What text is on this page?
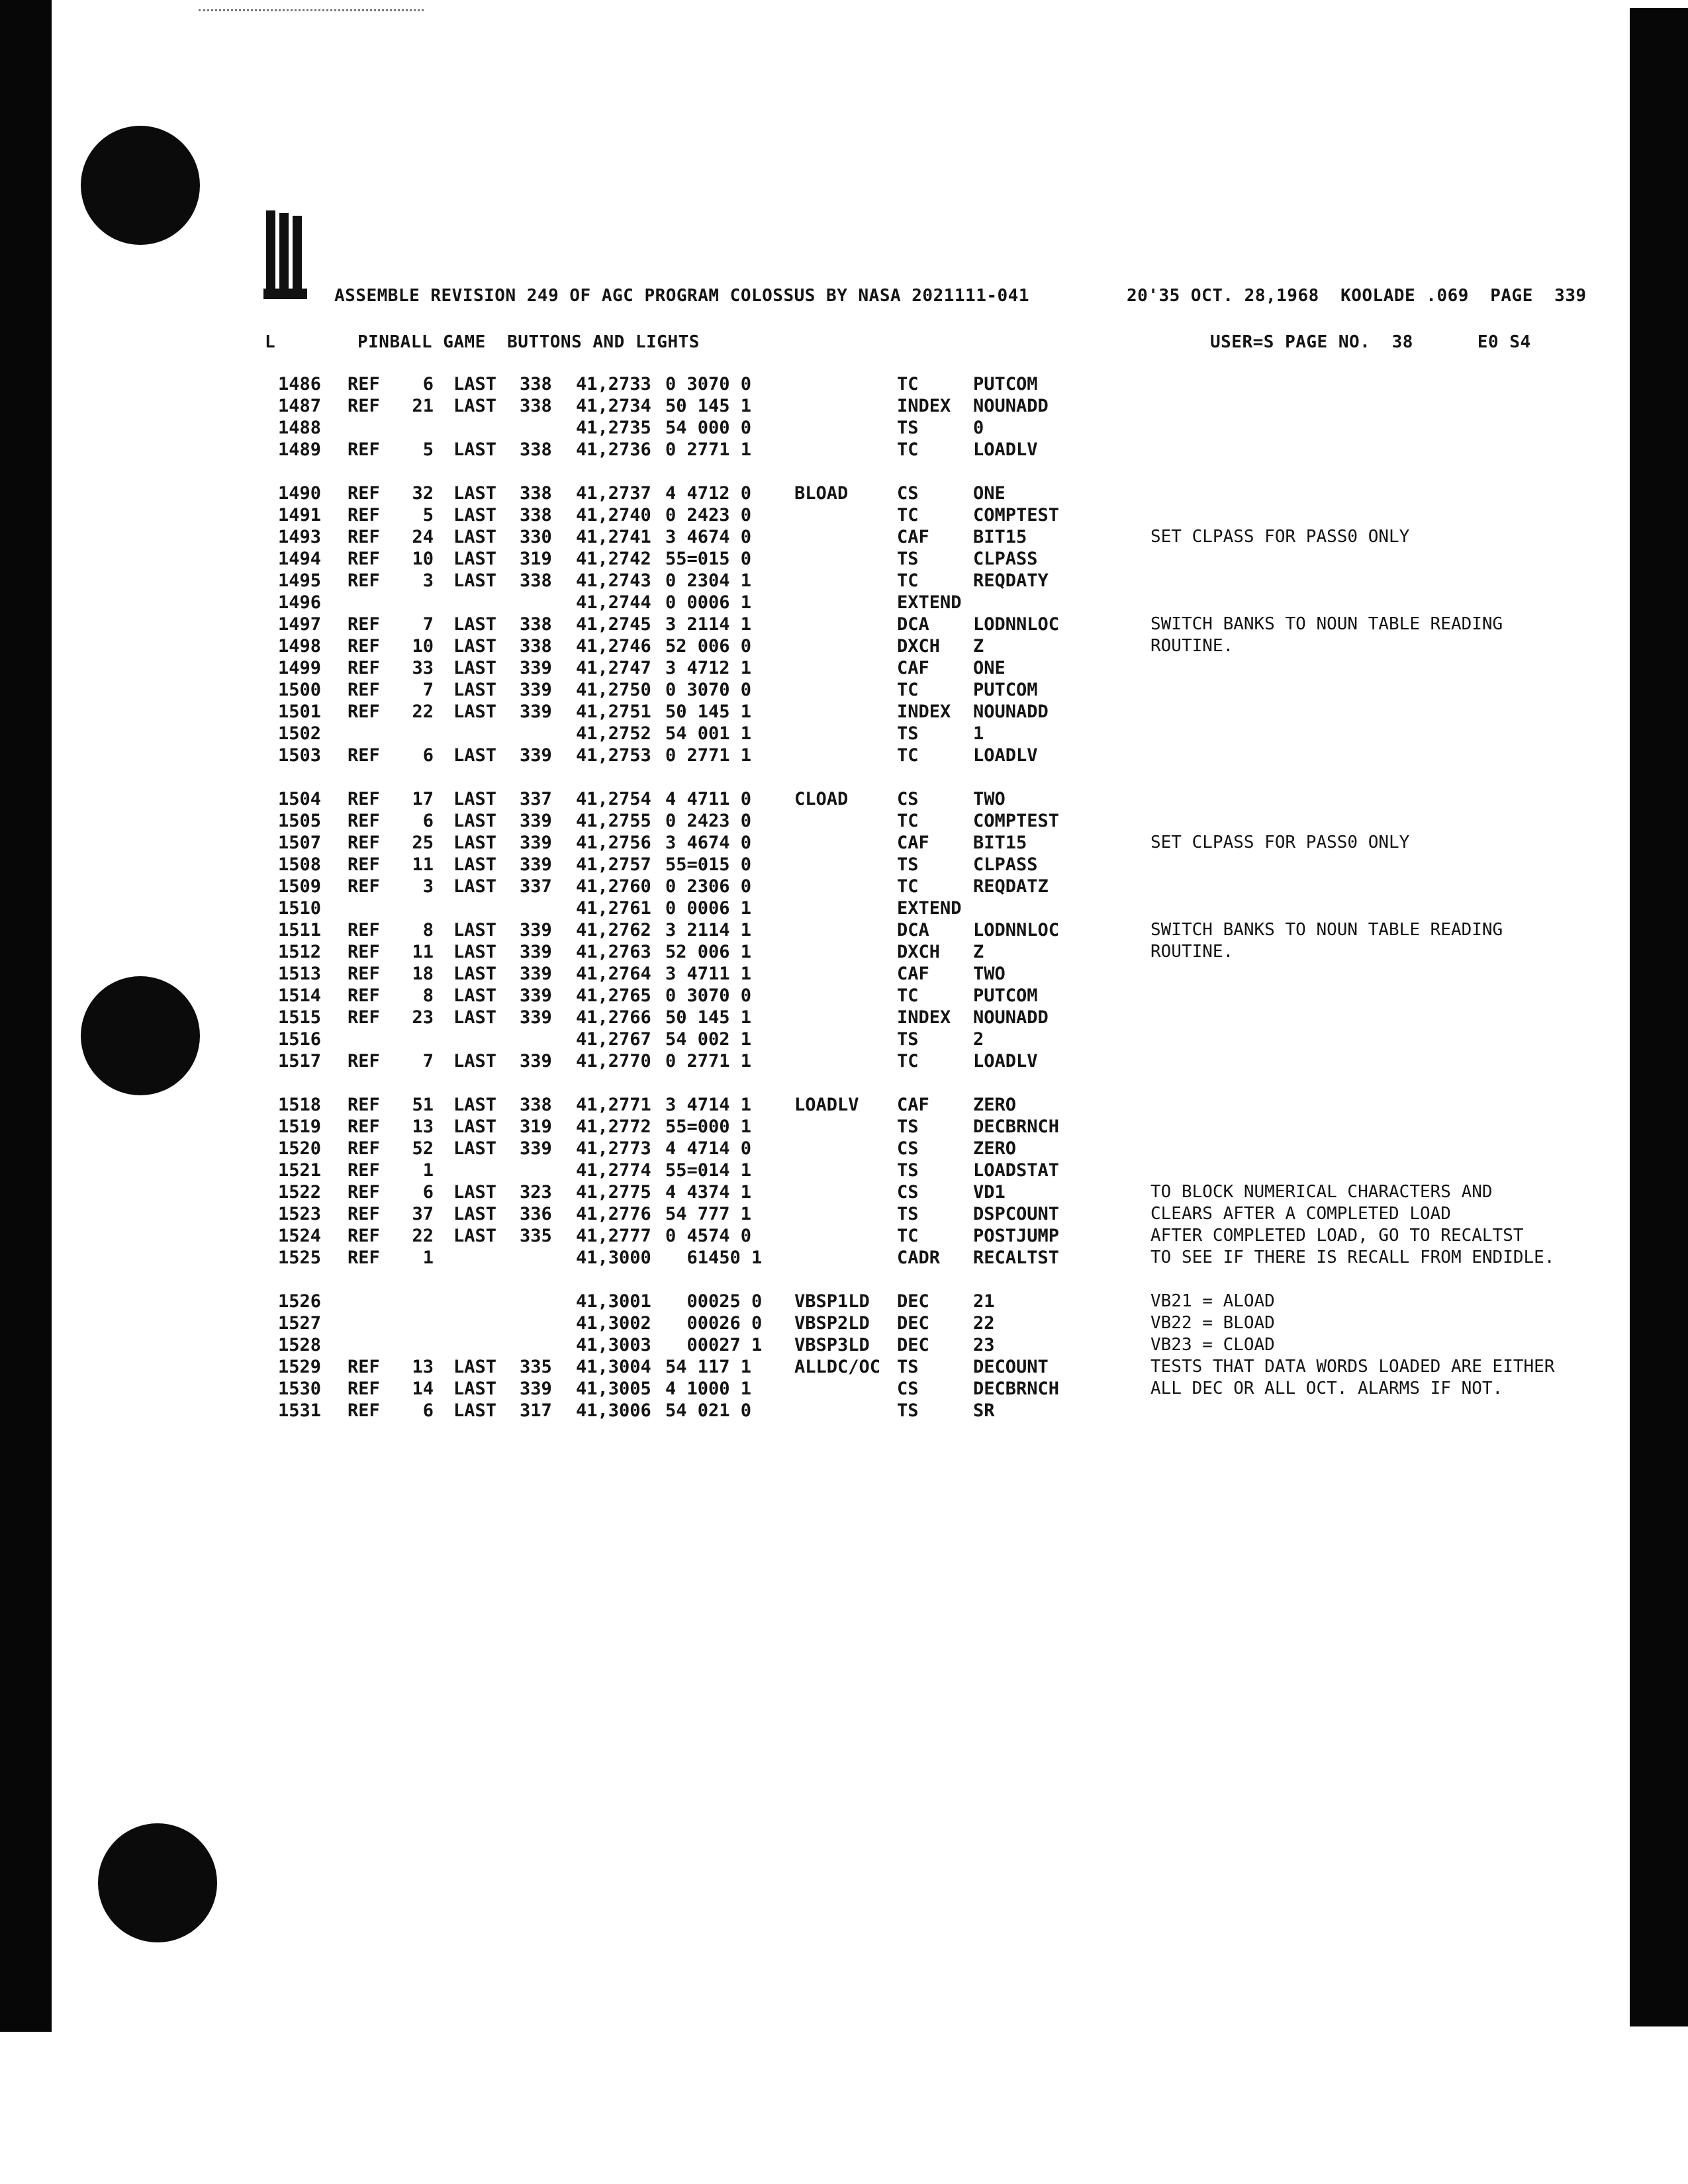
ASSEMBLE REVISION 249 OF AGC PROGRAM COLOSSUS BY NASA 2021111-041	20'35 OCT. 28,1968 KOOLADE .069 PAGE 339
L	PINBALL GAME  BUTTONS AND LIGHTS	USER=S PAGE NO. 38	E0 S4
1486 REF	6 LAST 338 41,2733 0 3070 0	TC	PUTCOM
1487 REF	21 LAST 338 41,2734 50 145 1	INDEX NOUNADD
1488	41,2735 54 000 0	TS	0
1489 REF	5 LAST 338 41,2736 0 2771 1	TC	LOADLV
1490 REF	32 LAST 338 41,2737 4 4712 0 BLOAD	CS	ONE
1491 REF	5 LAST 338 41,2740 0 2423 0	TC	COMPTEST
1493 REF	24 LAST 330 41,2741 3 4674 0	CAF BIT15	SET CLPASS FOR PASS0 ONLY
1494 REF	10 LAST 319 41,2742 55=015 0	TS	CLPASS
1495 REF	3 LAST 338 41,2743 0 2304 1	TC	REQDATY
1496	41,2744 0 0006 1	EXTEND
1497 REF	7 LAST 338 41,2745 3 2114 1	DCA LODNNLOC	SWITCH BANKS TO NOUN TABLE READING
1498 REF	10 LAST 338 41,2746 52 006 0	DXCH Z	ROUTINE.
1499 REF	33 LAST 339 41,2747 3 4712 1	CAF ONE
1500 REF	7 LAST 339 41,2750 0 3070 0	TC	PUTCOM
1501 REF	22 LAST 339 41,2751 50 145 1	INDEX NOUNADD
1502	41,2752 54 001 1	TS	1
1503 REF	6 LAST 339 41,2753 0 2771 1	TC	LOADLV
1504 REF	17 LAST 337 41,2754 4 4711 0 CLOAD	CS	TWO
1505 REF	6 LAST 339 41,2755 0 2423 0	TC	COMPTEST
1507 REF	25 LAST 339 41,2756 3 4674 0	CAF BIT15	SET CLPASS FOR PASS0 ONLY
1508 REF	11 LAST 339 41,2757 55=015 0	TS	CLPASS
1509 REF	3 LAST 337 41,2760 0 2306 0	TC	REQDATZ
1510	41,2761 0 0006 1	EXTEND
1511 REF	8 LAST 339 41,2762 3 2114 1	DCA LODNNLOC	SWITCH BANKS TO NOUN TABLE READING
1512 REF	11 LAST 339 41,2763 52 006 1	DXCH Z	ROUTINE.
1513 REF	18 LAST 339 41,2764 3 4711 1	CAF TWO
1514 REF	8 LAST 339 41,2765 0 3070 0	TC	PUTCOM
1515 REF	23 LAST 339 41,2766 50 145 1	INDEX NOUNADD
1516	41,2767 54 002 1	TS	2
1517 REF	7 LAST 339 41,2770 0 2771 1	TC	LOADLV
1518 REF	51 LAST 338 41,2771 3 4714 1 LOADLV CAF ZERO
1519 REF	13 LAST 319 41,2772 55=000 1	TS	DECBRNCH
1520 REF	52 LAST 339 41,2773 4 4714 0	CS	ZERO
1521 REF	1	41,2774 55=014 1	TS	LOADSTAT
1522 REF	6 LAST 323 41,2775 4 4374 1	CS	VD1	TO BLOCK NUMERICAL CHARACTERS AND
1523 REF	37 LAST 336 41,2776 54 777 1	TS	DSPCOUNT	CLEARS AFTER A COMPLETED LOAD
1524 REF	22 LAST 335 41,2777 0 4574 0	TC	POSTJUMP	AFTER COMPLETED LOAD, GO TO RECALTST
1525 REF	1	41,3000 61450 1	CADR RECALTST	TO SEE IF THERE IS RECALL FROM ENDIDLE.
1526	41,3001 00025 0 VBSP1LD DEC 21	VB21 = ALOAD
1527	41,3002 00026 0 VBSP2LD DEC 22	VB22 = BLOAD
1528	41,3003 00027 1 VBSP3LD DEC 23	VB23 = CLOAD
1529 REF	13 LAST 335 41,3004 54 117 1 ALLDC/OC TS	DECOUNT	TESTS THAT DATA WORDS LOADED ARE EITHER
1530 REF	14 LAST 339 41,3005 4 1000 1	CS	DECBRNCH	ALL DEC OR ALL OCT. ALARMS IF NOT.
1531 REF	6 LAST 317 41,3006 54 021 0	TS	SR
